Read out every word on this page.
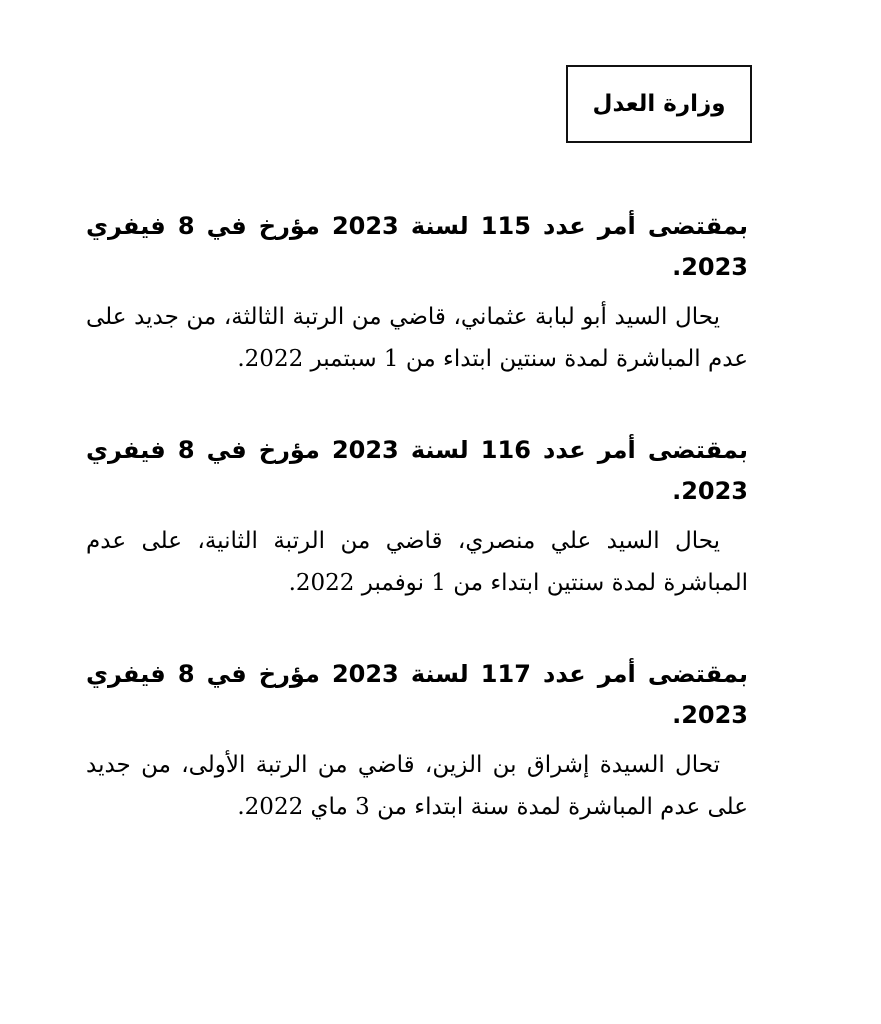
وزارة العدل

بمقتضى أمر عدد 115 لسنة 2023 مؤرخ في 8 فيفري 2023.

يحال السيد أبو لبابة عثماني، قاضي من الرتبة الثالثة، من جديد على عدم المباشرة لمدة سنتين ابتداء من 1 سبتمبر 2022.

بمقتضى أمر عدد 116 لسنة 2023 مؤرخ في 8 فيفري 2023.

يحال السيد علي منصري، قاضي من الرتبة الثانية، على عدم المباشرة لمدة سنتين ابتداء من 1 نوفمبر 2022.

بمقتضى أمر عدد 117 لسنة 2023 مؤرخ في 8 فيفري 2023.

تحال السيدة إشراق بن الزين، قاضي من الرتبة الأولى، من جديد على عدم المباشرة لمدة سنة ابتداء من 3 ماي 2022.
